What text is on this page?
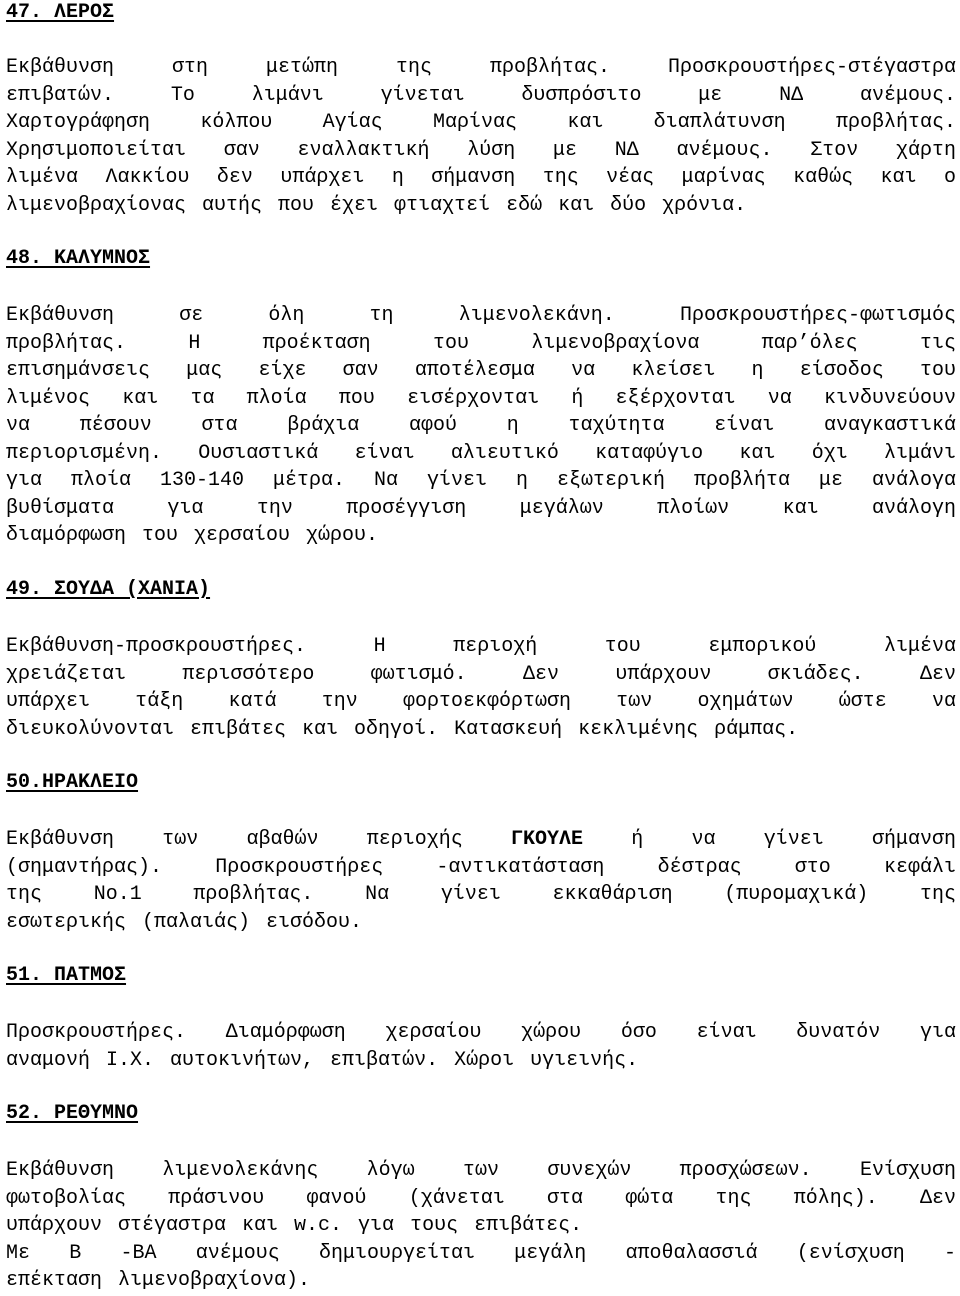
47. ΛΕΡΟΣ
Εκβάθυνση στη μετώπη της προβλήτας. Προσκρουστήρες-στέγαστρα
επιβατών. Το λιμάνι γίνεται δυσπρόσιτο με ΝΔ ανέμους.
Χαρτογράφηση κόλπου Αγίας Μαρίνας και διαπλάτυνση προβλήτας.
Χρησιμοποιείται σαν εναλλακτική λύση με ΝΔ ανέμους. Στον χάρτη
λιμένα Λακκίου δεν υπάρχει η σήμανση της νέας μαρίνας καθώς και ο
λιμενοβραχίονας αυτής που έχει φτιαχτεί εδώ και δύο χρόνια.
48. ΚΑΛΥΜΝΟΣ
Εκβάθυνση σε όλη τη λιμενολεκάνη. Προσκρουστήρες-φωτισμός
προβλήτας. Η προέκταση του λιμενοβραχίονα παρ’όλες τις
επισημάνσεις μας είχε σαν αποτέλεσμα να κλείσει η είσοδος του
λιμένος και τα πλοία που εισέρχονται ή εξέρχονται να κινδυνεύουν
να πέσουν στα βράχια αφού η ταχύτητα είναι αναγκαστικά
περιορισμένη. Ουσιαστικά είναι αλιευτικό καταφύγιο και όχι λιμάνι
για πλοία 130-140 μέτρα. Να γίνει η εξωτερική προβλήτα με ανάλογα
βυθίσματα για την προσέγγιση μεγάλων πλοίων και ανάλογη
διαμόρφωση του χερσαίου χώρου.
49. ΣΟΥΔΑ (ΧΑΝΙΑ)
Εκβάθυνση-προσκρουστήρες. Η περιοχή του εμπορικού λιμένα
χρειάζεται περισσότερο φωτισμό. Δεν υπάρχουν σκιάδες. Δεν
υπάρχει τάξη κατά την φορτοεκφόρτωση των οχημάτων ώστε να
διευκολύνονται επιβάτες και οδηγοί. Κατασκευή κεκλιμένης ράμπας.
50.ΗΡΑΚΛΕΙΟ
Εκβάθυνση των αβαθών περιοχής ΓΚΟΥΛΕ ή να γίνει σήμανση
(σημαντήρας). Προσκρουστήρες -αντικατάσταση δέστρας στο κεφάλι
της Νο.1 προβλήτας. Να γίνει εκκαθάριση (πυρομαχικά) της
εσωτερικής (παλαιάς) εισόδου.
51. ΠΑΤΜΟΣ
Προσκρουστήρες. Διαμόρφωση χερσαίου χώρου όσο είναι δυνατόν για
αναμονή Ι.Χ. αυτοκινήτων, επιβατών. Χώροι υγιεινής.
52. ΡΕΘΥΜΝΟ
Εκβάθυνση λιμενολεκάνης λόγω των συνεχών προσχώσεων. Ενίσχυση
φωτοβολίας πράσινου φανού (χάνεται στα φώτα της πόλης). Δεν
υπάρχουν στέγαστρα και w.c. για τους επιβάτες.
Με Β -ΒΑ ανέμους δημιουργείται μεγάλη αποθαλασσιά (ενίσχυση -
επέκταση λιμενοβραχίονα).
